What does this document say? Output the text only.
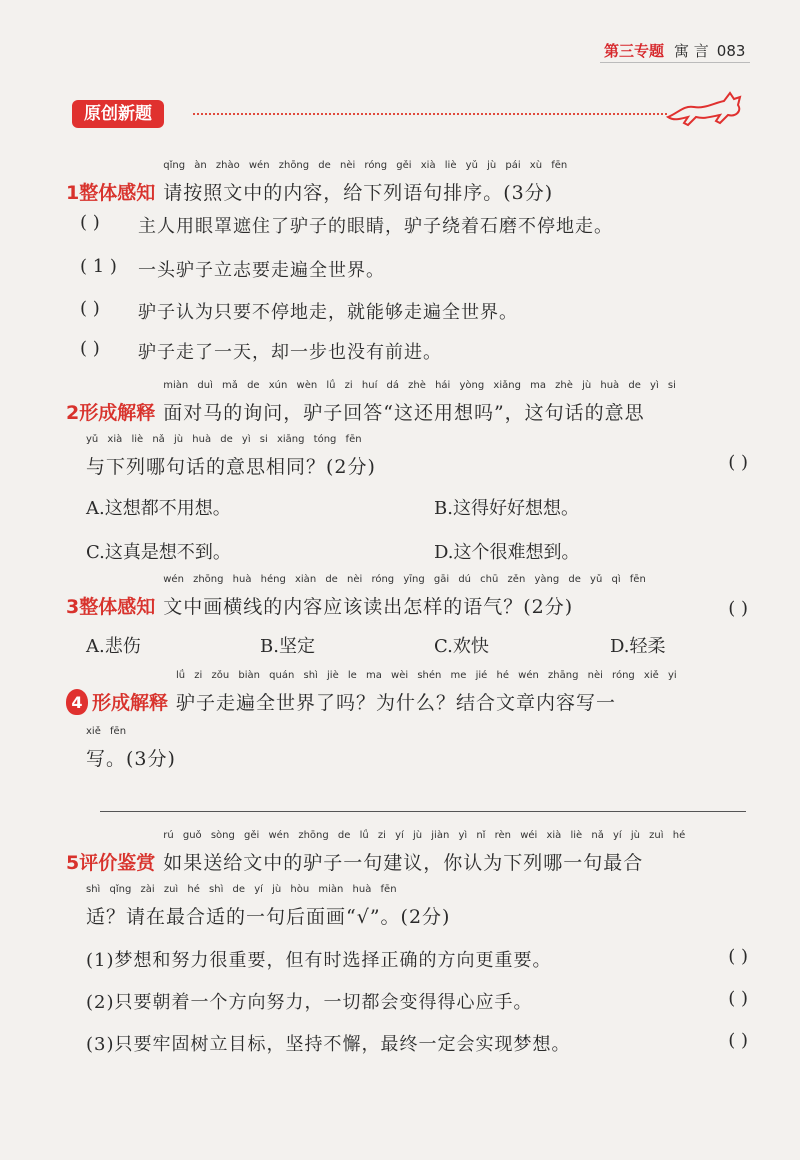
第三专题 寓 言 083
原创新题
1整体感知
qǐng àn zhào wén zhōng de nèi róng gěi xià liè yǔ jù pái xù fēn
请按照文中的内容，给下列语句排序。(3分)
( ) 主人用眼罩遮住了驴子的眼睛，驴子绕着石磨不停地走。
( 1 ) 一头驴子立志要走遍全世界。
( ) 驴子认为只要不停地走，就能够走遍全世界。
( ) 驴子走了一天，却一步也没有前进。
2形成解释
miàn duì mǎ de xún wèn lǘ zi huí dá zhè hái yòng xiǎng ma zhè jù huà de yì si
面对马的询问，驴子回答“这还用想吗”，这句话的意思
yǔ xià liè nǎ jù huà de yì si xiāng tóng fēn
与下列哪句话的意思相同？(2分)	( )
A.这想都不用想。	B.这得好好想想。
C.这真是想不到。	D.这个很难想到。
3整体感知
wén zhōng huà héng xiàn de nèi róng yīng gāi dú chū zěn yàng de yǔ qì fēn
文中画横线的内容应该读出怎样的语气？(2分)	( )
A.悲伤	B.坚定	C.欢快	D.轻柔
4 形成解释
lǘ zi zǒu biàn quán shì jiè le ma wèi shén me jié hé wén zhāng nèi róng xiě yi
驴子走遍全世界了吗？为什么？结合文章内容写一
xiě fēn
写。(3分)
5评价鉴赏
rú guǒ sòng gěi wén zhōng de lǘ zi yí jù jiàn yì nǐ rèn wéi xià liè nǎ yí jù zuì hé
如果送给文中的驴子一句建议，你认为下列哪一句最合
shì qǐng zài zuì hé shì de yí jù hòu miàn huà fēn
适？请在最合适的一句后面画“√”。(2分)
(1)梦想和努力很重要，但有时选择正确的方向更重要。	( )
(2)只要朝着一个方向努力，一切都会变得得心应手。	( )
(3)只要牢固树立目标，坚持不懈，最终一定会实现梦想。	( )
